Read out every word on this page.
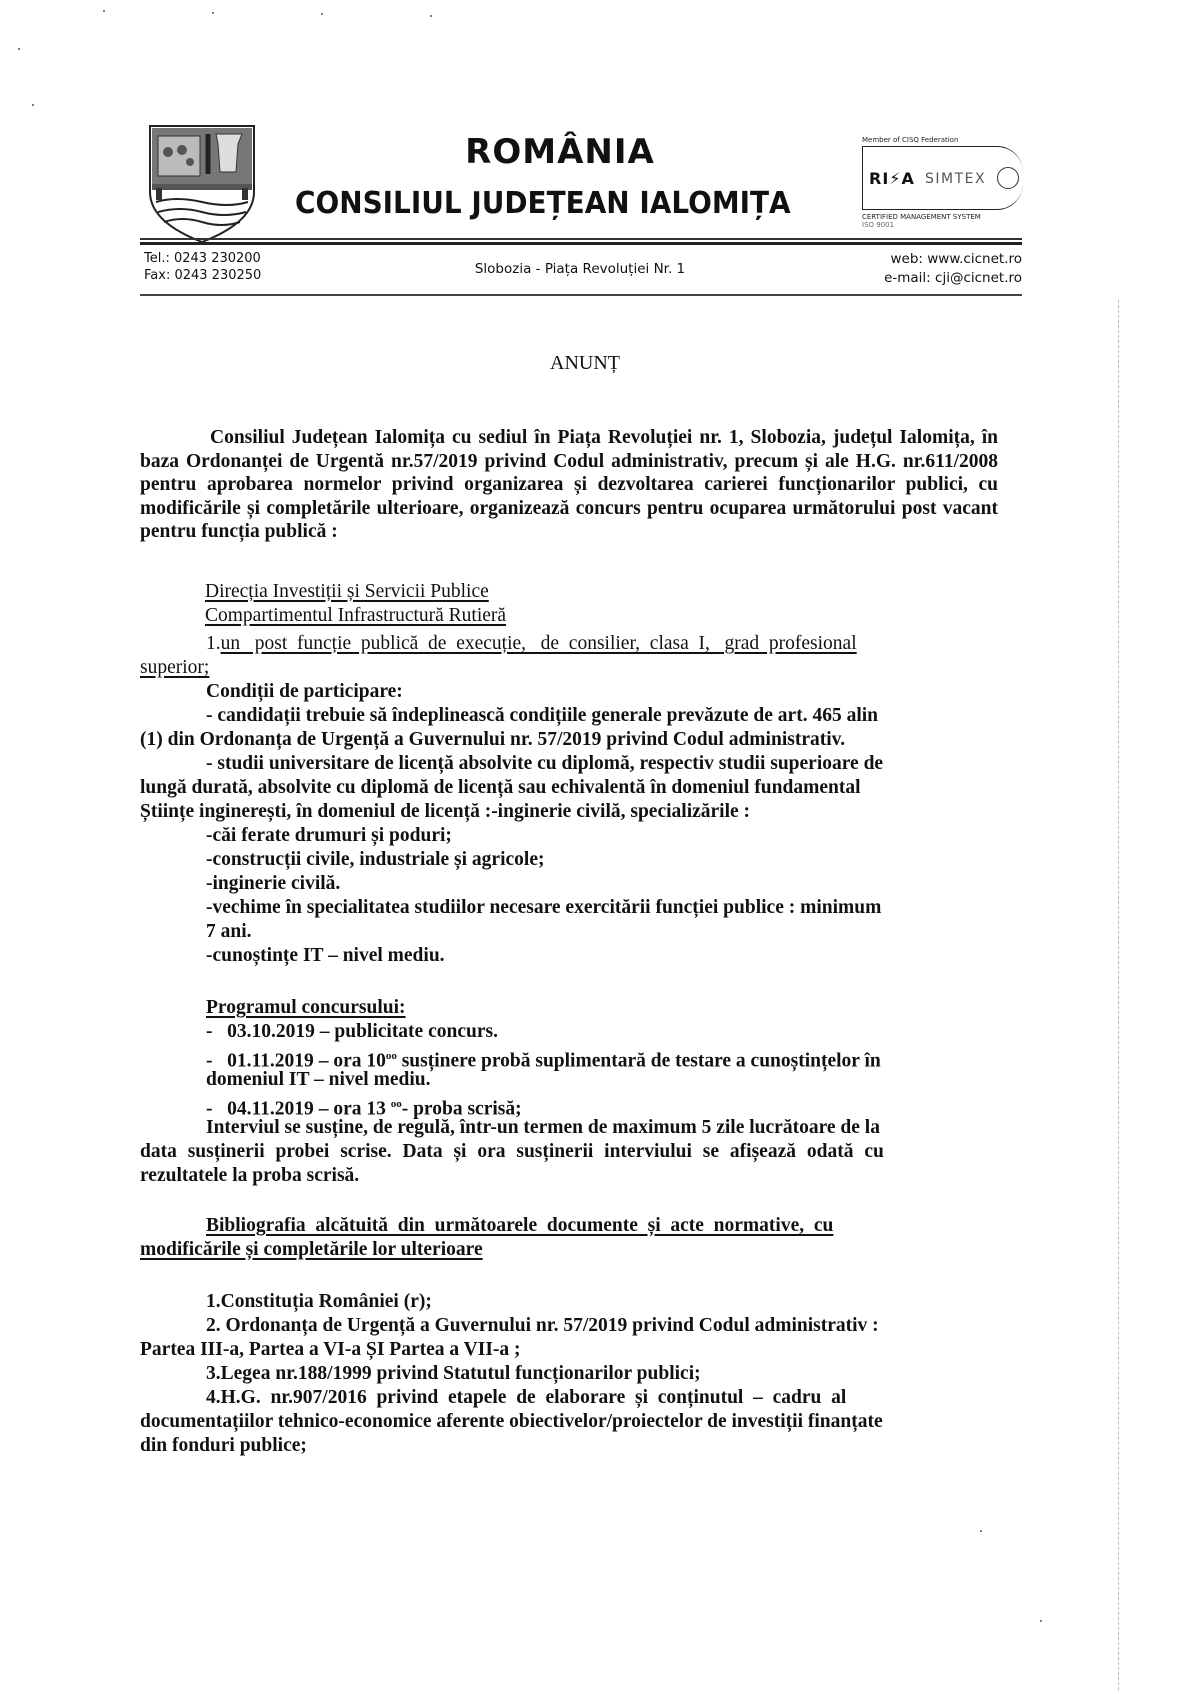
ROMÂNIA
CONSILIUL JUDEȚEAN IALOMIȚA
Member of CISQ Federation
RI⚡A SIMTEX
CERTIFIED MANAGEMENT SYSTEM
ISO 9001
Tel.: 0243 230200
Fax: 0243 230250	Slobozia - Piața Revoluției Nr. 1
web: www.cicnet.ro
e-mail: cji@cicnet.ro
ANUNȚ
Consiliul Județean Ialomița cu sediul în Piața Revoluției nr. 1, Slobozia, județul Ialomița, în baza Ordonanței de Urgentă nr.57/2019 privind Codul administrativ, precum și ale H.G. nr.611/2008 pentru aprobarea normelor privind organizarea și dezvoltarea carierei funcționarilor publici, cu modificările și completările ulterioare, organizează concurs pentru ocuparea următorului post vacant pentru funcția publică :
Direcția Investiții și Servicii Publice
Compartimentul Infrastructură Rutieră
1.un   post  funcție  publică  de  execuție,   de  consilier,  clasa  I,   grad  profesional
superior;
Condiții de participare:
- candidații trebuie să îndeplinească condițiile generale prevăzute de art. 465 alin
(1) din Ordonanța de Urgență a Guvernului nr. 57/2019 privind Codul administrativ.
- studii universitare de licență absolvite cu diplomă, respectiv studii superioare de
lungă durată, absolvite cu diplomă de licență sau echivalentă în domeniul fundamental
Științe inginerești, în domeniul de licență :-inginerie civilă, specializările :
-căi ferate drumuri și poduri;
-construcții civile, industriale și agricole;
-inginerie civilă.
-vechime în specialitatea studiilor necesare exercitării funcției publice : minimum
7 ani.
-cunoștințe IT – nivel mediu.
Programul concursului:
- 03.10.2019 – publicitate concurs.
- 01.11.2019 – ora $10^{oo}$ susținere probă suplimentară de testare a cunoștințelor în
domeniul IT – nivel mediu.
- 04.11.2019 – ora 13 $^{oo}$- proba scrisă;
Interviul se susține, de regulă, într-un termen de maximum 5 zile lucrătoare de la
data susținerii probei scrise. Data și ora susținerii interviului se afișează odată cu
rezultatele la proba scrisă.
Bibliografia  alcătuită  din  următoarele  documente  și  acte  normative,  cu
modificările și completările lor ulterioare
1.Constituția României (r);
2. Ordonanța de Urgență a Guvernului nr. 57/2019 privind Codul administrativ :
Partea III-a, Partea a VI-a ȘI Partea a VII-a ;
3.Legea nr.188/1999 privind Statutul funcționarilor publici;
4.H.G.  nr.907/2016  privind  etapele  de  elaborare  și  conținutul  –  cadru  al
documentațiilor tehnico-economice aferente obiectivelor/proiectelor de investiții finanțate
din fonduri publice;
